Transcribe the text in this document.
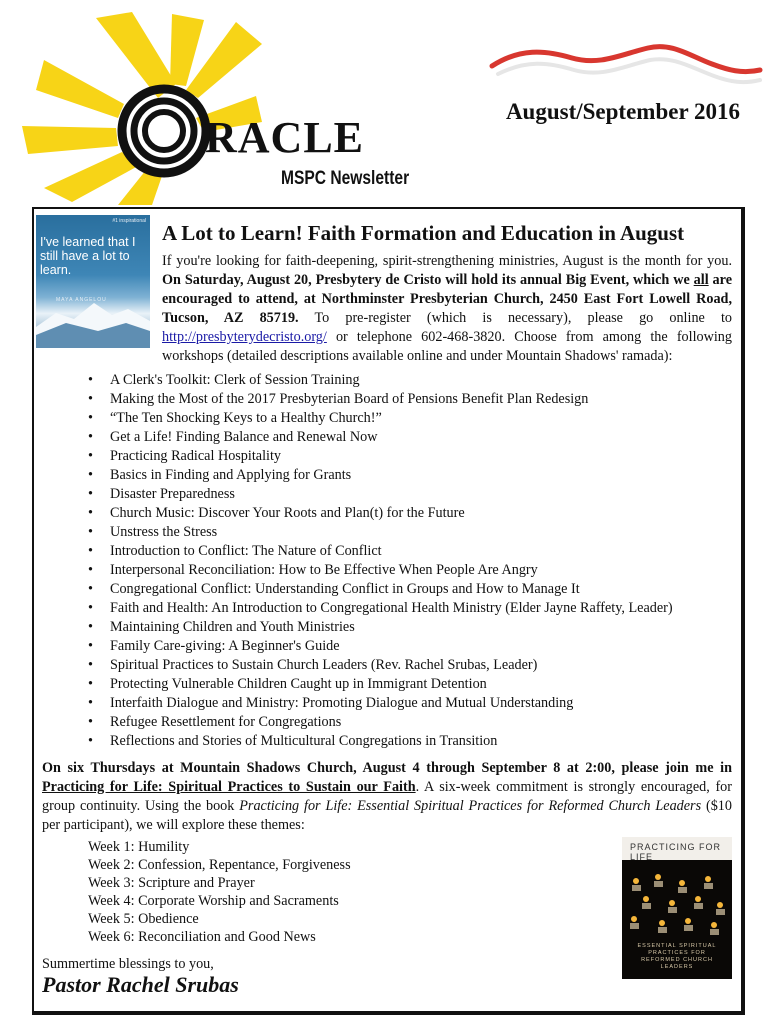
RACLE
August/September 2016
MSPC Newsletter
#1 inspirational
I've learned that I still have a lot to learn.
MAYA ANGELOU
A Lot to Learn! Faith Formation and Education in August
If you're looking for faith-deepening, spirit-strengthening ministries, August is the month for you. On Saturday, August 20, Presbytery de Cristo will hold its annual Big Event, which we all are encouraged to attend, at Northminster Presbyterian Church, 2450 East Fort Lowell Road, Tucson, AZ 85719. To pre-register (which is necessary), please go online to http://presbyterydecristo.org/ or telephone 602-468-3820. Choose from among the following workshops (detailed descriptions available online and under Mountain Shadows' ramada):
• A Clerk's Toolkit: Clerk of Session Training
• Making the Most of the 2017 Presbyterian Board of Pensions Benefit Plan Redesign
• “The Ten Shocking Keys to a Healthy Church!”
• Get a Life! Finding Balance and Renewal Now
• Practicing Radical Hospitality
• Basics in Finding and Applying for Grants
• Disaster Preparedness
• Church Music: Discover Your Roots and Plan(t) for the Future
• Unstress the Stress
• Introduction to Conflict: The Nature of Conflict
• Interpersonal Reconciliation: How to Be Effective When People Are Angry
• Congregational Conflict: Understanding Conflict in Groups and How to Manage It
• Faith and Health: An Introduction to Congregational Health Ministry (Elder Jayne Raffety, Leader)
• Maintaining Children and Youth Ministries
• Family Care-giving: A Beginner's Guide
• Spiritual Practices to Sustain Church Leaders (Rev. Rachel Srubas, Leader)
• Protecting Vulnerable Children Caught up in Immigrant Detention
• Interfaith Dialogue and Ministry: Promoting Dialogue and Mutual Understanding
• Refugee Resettlement for Congregations
• Reflections and Stories of Multicultural Congregations in Transition
On six Thursdays at Mountain Shadows Church, August 4 through September 8 at 2:00, please join me in Practicing for Life: Spiritual Practices to Sustain our Faith. A six-week commitment is strongly encouraged, for group continuity. Using the book Practicing for Life: Essential Spiritual Practices for Reformed Church Leaders ($10 per participant), we will explore these themes:
Week 1: Humility
Week 2: Confession, Repentance, Forgiveness
Week 3: Scripture and Prayer
Week 4: Corporate Worship and Sacraments
Week 5: Obedience
Week 6: Reconciliation and Good News
PRACTICING FOR LIFE
ESSENTIAL SPIRITUAL PRACTICES FOR REFORMED CHURCH LEADERS
Summertime blessings to you,
Pastor Rachel Srubas
